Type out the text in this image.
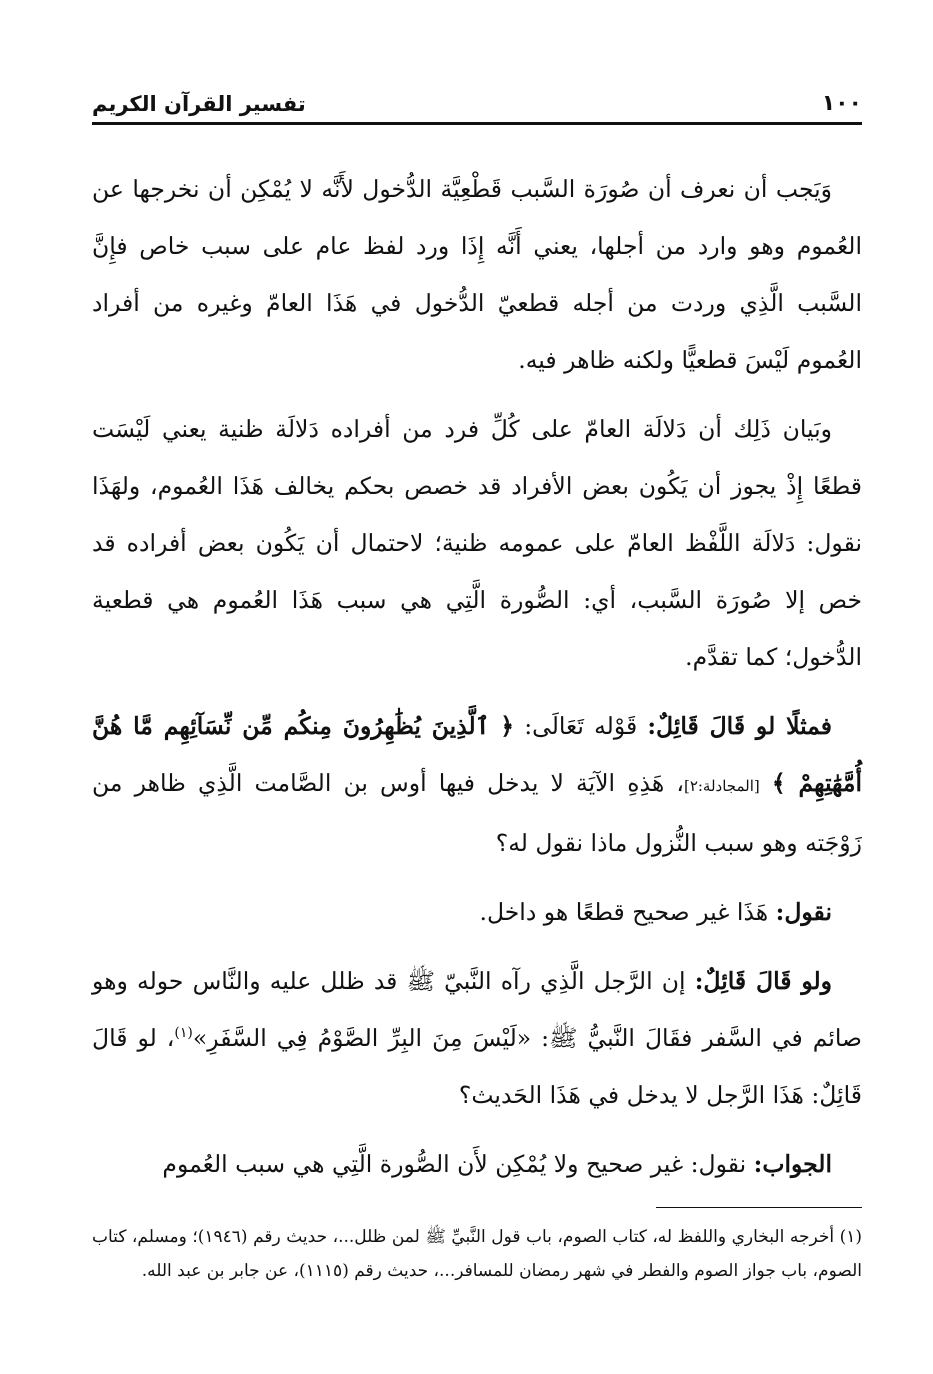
١٠٠
تفسير القرآن الكريم

وَيَجب أن نعرف أن صُورَة السَّبب قَطْعِيَّة الدُّخول لأَنَّه لا يُمْكِن أن نخرجها عن العُموم وهو وارد من أجلها، يعني أَنَّه إِذَا ورد لفظ عام على سبب خاص فإِنَّ السَّبب الَّذِي وردت من أجله قطعيّ الدُّخول في هَذَا العامّ وغيره من أفراد العُموم لَيْسَ قطعيًّا ولكنه ظاهر فيه.

وبَيان ذَلِك أن دَلالَة العامّ على كُلِّ فرد من أفراده دَلالَة ظنية يعني لَيْسَت قطعًا إِذْ يجوز أن يَكُون بعض الأفراد قد خصص بحكم يخالف هَذَا العُموم، ولهَذَا نقول: دَلالَة اللَّفْظ العامّ على عمومه ظنية؛ لاحتمال أن يَكُون بعض أفراده قد خص إلا صُورَة السَّبب، أي: الصُّورة الَّتِي هي سبب هَذَا العُموم هي قطعية الدُّخول؛ كما تقدَّم.

فمثلًا لو قَالَ قَائِلٌ: قَوْله تَعَالَى: ﴿ ٱلَّذِينَ يُظَٰهِرُونَ مِنكُم مِّن نِّسَآئِهِم مَّا هُنَّ أُمَّهَٰتِهِمْ ﴾ [المجادلة:٢]، هَذِهِ الآيَة لا يدخل فيها أوس بن الصَّامت الَّذِي ظاهر من زَوْجَته وهو سبب النُّزول ماذا نقول له؟

نقول: هَذَا غير صحيح قطعًا هو داخل.

ولو قَالَ قَائِلٌ: إن الرَّجل الَّذِي رآه النَّبيّ ﷺ قد ظلل عليه والنَّاس حوله وهو صائم في السَّفر فقَالَ النَّبيُّ ﷺ: «لَيْسَ مِنَ البِرِّ الصَّوْمُ فِي السَّفَرِ»$^{(١)}$، لو قَالَ قَائِلٌ: هَذَا الرَّجل لا يدخل في هَذَا الحَديث؟

الجواب: نقول: غير صحيح ولا يُمْكِن لأَن الصُّورة الَّتِي هي سبب العُموم

(١) أخرجه البخاري واللفظ له، كتاب الصوم، باب قول النَّبيِّ ﷺ لمن ظلل...، حديث رقم (١٩٤٦)؛ ومسلم، كتاب الصوم، باب جواز الصوم والفطر في شهر رمضان للمسافر...، حديث رقم (١١١٥)، عن جابر بن عبد الله.
